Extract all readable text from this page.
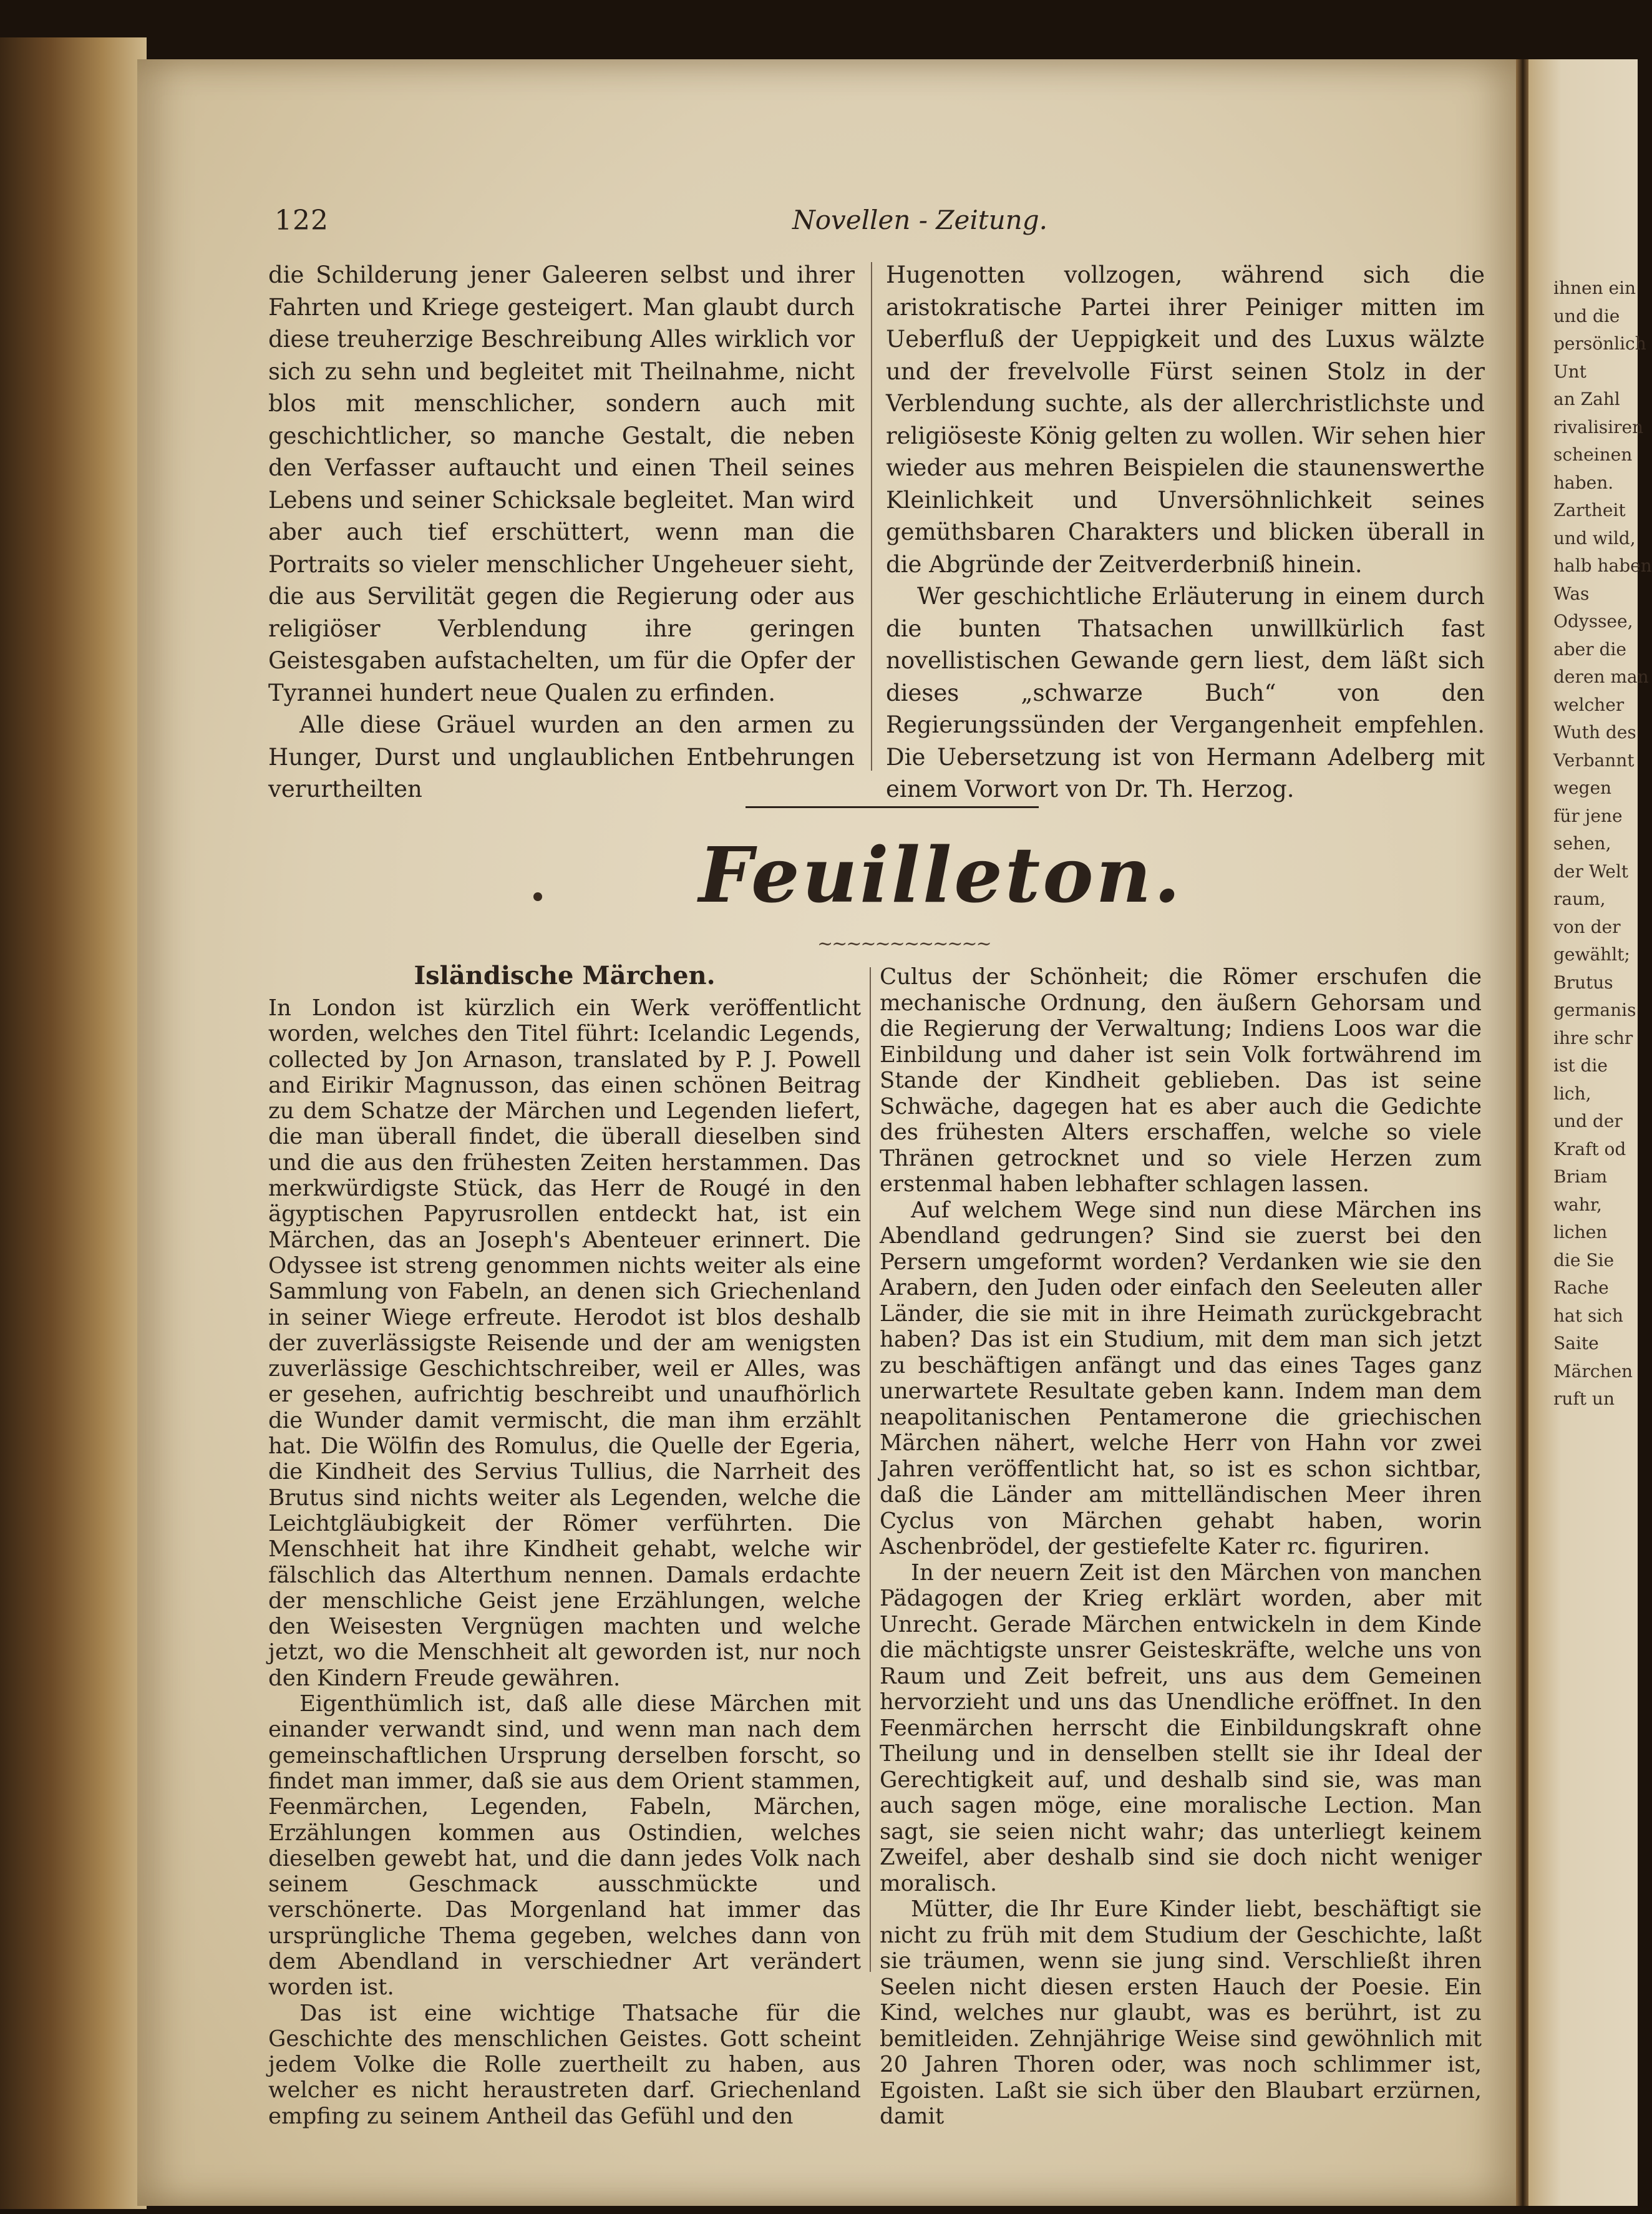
122	Novellen - Zeitung.

die Schilderung jener Galeeren selbst und ihrer Fahrten und Kriege gesteigert. Man glaubt durch diese treuherzige Beschreibung Alles wirklich vor sich zu sehn und begleitet mit Theilnahme, nicht blos mit menschlicher, sondern auch mit geschichtlicher, so manche Gestalt, die neben den Verfasser auftaucht und einen Theil seines Lebens und seiner Schicksale begleitet. Man wird aber auch tief erschüttert, wenn man die Portraits so vieler menschlicher Ungeheuer sieht, die aus Servilität gegen die Regierung oder aus religiöser Verblendung ihre geringen Geistesgaben aufstachelten, um für die Opfer der Tyrannei hundert neue Qualen zu erfinden.

Alle diese Gräuel wurden an den armen zu Hunger, Durst und unglaublichen Entbehrungen verurtheilten

Hugenotten vollzogen, während sich die aristokratische Partei ihrer Peiniger mitten im Ueberfluß der Ueppigkeit und des Luxus wälzte und der frevelvolle Fürst seinen Stolz in der Verblendung suchte, als der allerchristlichste und religiöseste König gelten zu wollen. Wir sehen hier wieder aus mehren Beispielen die staunenswerthe Kleinlichkeit und Unversöhnlichkeit seines gemüthsbaren Charakters und blicken überall in die Abgründe der Zeitverderbniß hinein.

Wer geschichtliche Erläuterung in einem durch die bunten Thatsachen unwillkürlich fast novellistischen Gewande gern liest, dem läßt sich dieses „schwarze Buch“ von den Regierungssünden der Vergangenheit empfehlen. Die Uebersetzung ist von Hermann Adelberg mit einem Vorwort von Dr. Th. Herzog.

Feuilleton.
~~~~~~~~~~~~
Isländische Märchen.

In London ist kürzlich ein Werk veröffentlicht worden, welches den Titel führt: Icelandic Legends, collected by Jon Arnason, translated by P. J. Powell and Eirikir Magnusson, das einen schönen Beitrag zu dem Schatze der Märchen und Legenden liefert, die man überall findet, die überall dieselben sind und die aus den frühesten Zeiten herstammen. Das merkwürdigste Stück, das Herr de Rougé in den ägyptischen Papyrusrollen entdeckt hat, ist ein Märchen, das an Joseph's Abenteuer erinnert. Die Odyssee ist streng genommen nichts weiter als eine Sammlung von Fabeln, an denen sich Griechenland in seiner Wiege erfreute. Herodot ist blos deshalb der zuverlässigste Reisende und der am wenigsten zuverlässige Geschichtschreiber, weil er Alles, was er gesehen, aufrichtig beschreibt und unaufhörlich die Wunder damit vermischt, die man ihm erzählt hat. Die Wölfin des Romulus, die Quelle der Egeria, die Kindheit des Servius Tullius, die Narrheit des Brutus sind nichts weiter als Legenden, welche die Leichtgläubigkeit der Römer verführten. Die Menschheit hat ihre Kindheit gehabt, welche wir fälschlich das Alterthum nennen. Damals erdachte der menschliche Geist jene Erzählungen, welche den Weisesten Vergnügen machten und welche jetzt, wo die Menschheit alt geworden ist, nur noch den Kindern Freude gewähren.

Eigenthümlich ist, daß alle diese Märchen mit einander verwandt sind, und wenn man nach dem gemeinschaftlichen Ursprung derselben forscht, so findet man immer, daß sie aus dem Orient stammen, Feenmärchen, Legenden, Fabeln, Märchen, Erzählungen kommen aus Ostindien, welches dieselben gewebt hat, und die dann jedes Volk nach seinem Geschmack ausschmückte und verschönerte. Das Morgenland hat immer das ursprüngliche Thema gegeben, welches dann von dem Abendland in verschiedner Art verändert worden ist.

Das ist eine wichtige Thatsache für die Geschichte des menschlichen Geistes. Gott scheint jedem Volke die Rolle zuertheilt zu haben, aus welcher es nicht heraustreten darf. Griechenland empfing zu seinem Antheil das Gefühl und den

Cultus der Schönheit; die Römer erschufen die mechanische Ordnung, den äußern Gehorsam und die Regierung der Verwaltung; Indiens Loos war die Einbildung und daher ist sein Volk fortwährend im Stande der Kindheit geblieben. Das ist seine Schwäche, dagegen hat es aber auch die Gedichte des frühesten Alters erschaffen, welche so viele Thränen getrocknet und so viele Herzen zum erstenmal haben lebhafter schlagen lassen.

Auf welchem Wege sind nun diese Märchen ins Abendland gedrungen? Sind sie zuerst bei den Persern umgeformt worden? Verdanken wie sie den Arabern, den Juden oder einfach den Seeleuten aller Länder, die sie mit in ihre Heimath zurückgebracht haben? Das ist ein Studium, mit dem man sich jetzt zu beschäftigen anfängt und das eines Tages ganz unerwartete Resultate geben kann. Indem man dem neapolitanischen Pentamerone die griechischen Märchen nähert, welche Herr von Hahn vor zwei Jahren veröffentlicht hat, so ist es schon sichtbar, daß die Länder am mittelländischen Meer ihren Cyclus von Märchen gehabt haben, worin Aschenbrödel, der gestiefelte Kater rc. figuriren.

In der neuern Zeit ist den Märchen von manchen Pädagogen der Krieg erklärt worden, aber mit Unrecht. Gerade Märchen entwickeln in dem Kinde die mächtigste unsrer Geisteskräfte, welche uns von Raum und Zeit befreit, uns aus dem Gemeinen hervorzieht und uns das Unendliche eröffnet. In den Feenmärchen herrscht die Einbildungskraft ohne Theilung und in denselben stellt sie ihr Ideal der Gerechtigkeit auf, und deshalb sind sie, was man auch sagen möge, eine moralische Lection. Man sagt, sie seien nicht wahr; das unterliegt keinem Zweifel, aber deshalb sind sie doch nicht weniger moralisch.

Mütter, die Ihr Eure Kinder liebt, beschäftigt sie nicht zu früh mit dem Studium der Geschichte, laßt sie träumen, wenn sie jung sind. Verschließt ihren Seelen nicht diesen ersten Hauch der Poesie. Ein Kind, welches nur glaubt, was es berührt, ist zu bemitleiden. Zehnjährige Weise sind gewöhnlich mit 20 Jahren Thoren oder, was noch schlimmer ist, Egoisten. Laßt sie sich über den Blaubart erzürnen, damit

ihnen ein
und die
persönlich
Unt
an Zahl
rivalisiren
scheinen
haben.
Zartheit
und wild,
halb haben
Was
Odyssee,
aber die
deren man
welcher
Wuth des
Verbannt
wegen
für jene
sehen,
der Welt
raum,
von der
gewählt;
Brutus
germanis
ihre schr
ist die
lich,
und der
Kraft od
Briam
wahr,
lichen
die Sie
Rache
hat sich
Saite
Märchen
ruft un
